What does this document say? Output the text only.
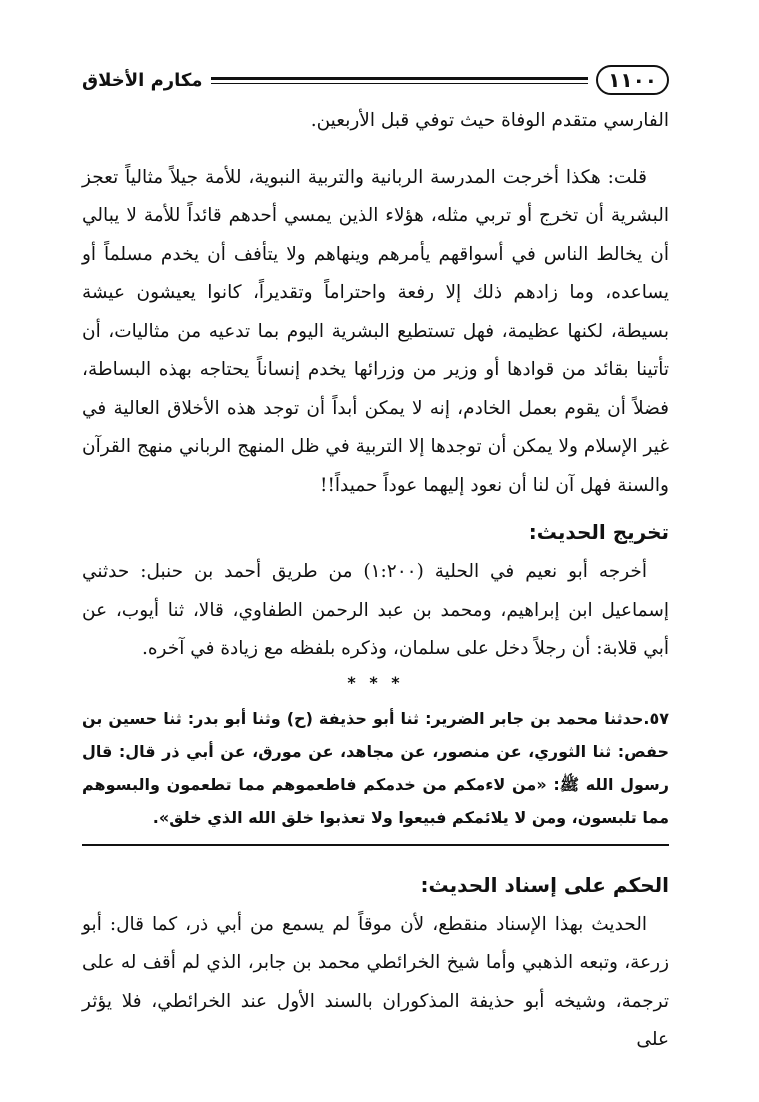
١١٠٠
مكارم الأخلاق

الفارسي متقدم الوفاة حيث توفي قبل الأربعين.

قلت: هكذا أخرجت المدرسة الربانية والتربية النبوية، للأمة جيلاً مثالياً تعجز البشرية أن تخرج أو تربي مثله، هؤلاء الذين يمسي أحدهم قائداً للأمة لا يبالي أن يخالط الناس في أسواقهم يأمرهم وينهاهم ولا يتأفف أن يخدم مسلماً أو يساعده، وما زادهم ذلك إلا رفعة واحتراماً وتقديراً، كانوا يعيشون عيشة بسيطة، لكنها عظيمة، فهل تستطيع البشرية اليوم بما تدعيه من مثاليات، أن تأتينا بقائد من قوادها أو وزير من وزرائها يخدم إنساناً يحتاجه بهذه البساطة، فضلاً أن يقوم بعمل الخادم، إنه لا يمكن أبداً أن توجد هذه الأخلاق العالية في غير الإسلام ولا يمكن أن توجدها إلا التربية في ظل المنهج الرباني منهج القرآن والسنة فهل آن لنا أن نعود إليهما عوداً حميداً!!

تخريج الحديث:

أخرجه أبو نعيم في الحلية (١:٢٠٠) من طريق أحمد بن حنبل: حدثني إسماعيل ابن إبراهيم، ومحمد بن عبد الرحمن الطفاوي، قالا، ثنا أيوب، عن أبي قلابة: أن رجلاً دخل على سلمان، وذكره بلفظه مع زيادة في آخره.

* * *

٥٧.حدثنا محمد بن جابر الضرير: ثنا أبو حذيفة (ح) وثنا أبو بدر: ثنا حسين بن حفص: ثنا الثوري، عن منصور، عن مجاهد، عن مورق، عن أبي ذر قال: قال رسول الله ﷺ: «من لاءمكم من خدمكم فاطعموهم مما تطعمون والبسوهم مما تلبسون، ومن لا يلائمكم فبيعوا ولا تعذبوا خلق الله الذي خلق».

الحكم على إسناد الحديث:

الحديث بهذا الإسناد منقطع، لأن موقاً لم يسمع من أبي ذر، كما قال: أبو زرعة، وتبعه الذهبي وأما شيخ الخرائطي محمد بن جابر، الذي لم أقف له على ترجمة، وشيخه أبو حذيفة المذكوران بالسند الأول عند الخرائطي، فلا يؤثر على
